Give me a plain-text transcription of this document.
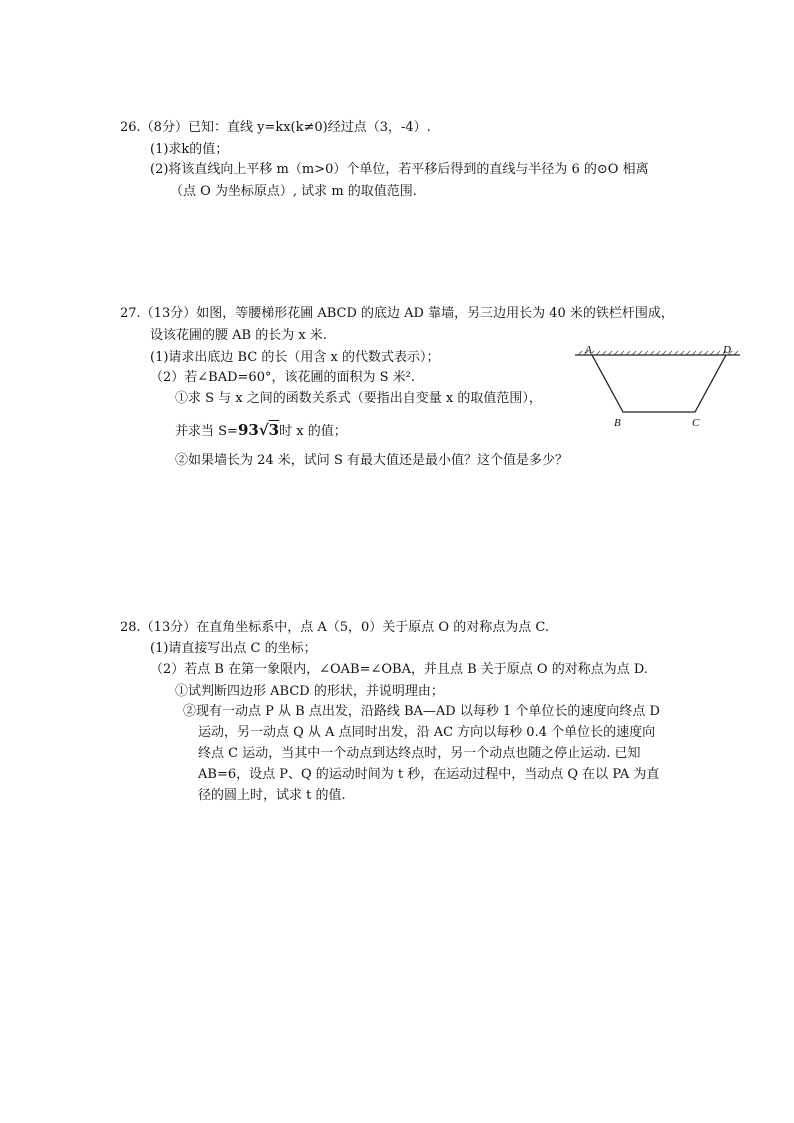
26.（8分）已知：直线 y=kx(k≠0)经过点（3，-4）.
(1)求k的值；
(2)将该直线向上平移 m（m>0）个单位，若平移后得到的直线与半径为 6 的⊙O 相离
（点 O 为坐标原点）, 试求 m 的取值范围.
27.（13分）如图，等腰梯形花圃 ABCD 的底边 AD 靠墙，另三边用长为 40 米的铁栏杆围成，
设该花圃的腰 AB 的长为 x 米.
(1)请求出底边 BC 的长（用含 x 的代数式表示）；
（2）若∠BAD=60°，该花圃的面积为 S 米².
①求 S 与 x 之间的函数关系式（要指出自变量 x 的取值范围），
并求当 S=93√3时 x 的值；
②如果墙长为 24 米，试问 S 有最大值还是最小值？这个值是多少？
A	D
B	C
28.（13分）在直角坐标系中，点 A（5，0）关于原点 O 的对称点为点 C.
(1)请直接写出点 C 的坐标；
（2）若点 B 在第一象限内，∠OAB=∠OBA，并且点 B 关于原点 O 的对称点为点 D.
①试判断四边形 ABCD 的形状，并说明理由；
②现有一动点 P 从 B 点出发，沿路线 BA—AD 以每秒 1 个单位长的速度向终点 D
运动，另一动点 Q 从 A 点同时出发，沿 AC 方向以每秒 0.4 个单位长的速度向
终点 C 运动，当其中一个动点到达终点时，另一个动点也随之停止运动. 已知
AB=6，设点 P、Q 的运动时间为 t 秒，在运动过程中，当动点 Q 在以 PA 为直
径的圆上时，试求 t 的值.
